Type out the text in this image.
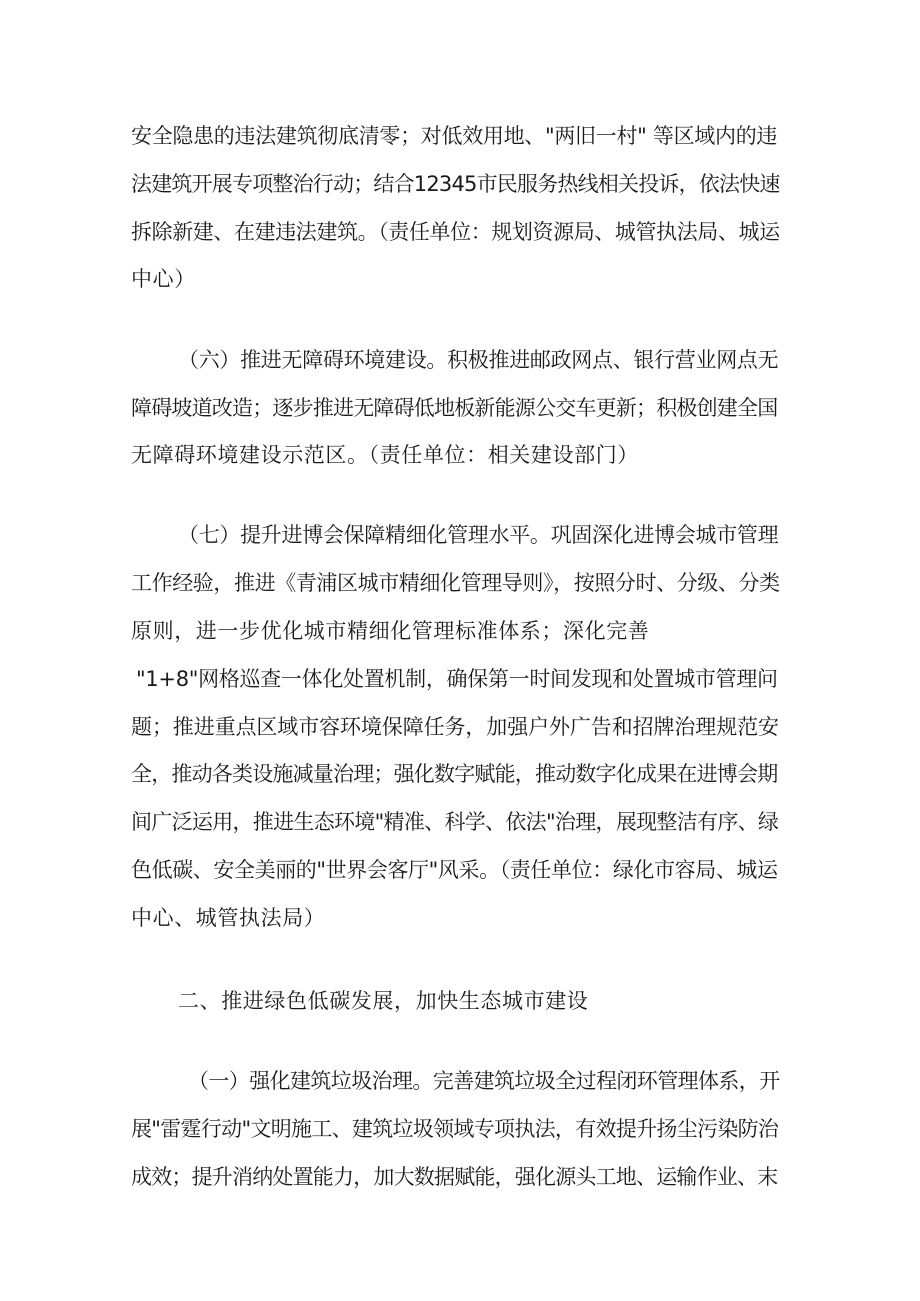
安全隐患的违法建筑彻底清零；对低效用地、"两旧一村" 等区域内的违
法建筑开展专项整治行动；结合12345市民服务热线相关投诉，依法快速
拆除新建、在建违法建筑。（责任单位：规划资源局、城管执法局、城运
中心）
（六）推进无障碍环境建设。积极推进邮政网点、银行营业网点无
障碍坡道改造；逐步推进无障碍低地板新能源公交车更新；积极创建全国
无障碍环境建设示范区。（责任单位：相关建设部门）
（七）提升进博会保障精细化管理水平。巩固深化进博会城市管理
工作经验，推进《青浦区城市精细化管理导则》，按照分时、分级、分类
原则，进一步优化城市精细化管理标准体系；深化完善
"1+8"网格巡查一体化处置机制，确保第一时间发现和处置城市管理问
题；推进重点区域市容环境保障任务，加强户外广告和招牌治理规范安
全，推动各类设施减量治理；强化数字赋能，推动数字化成果在进博会期
间广泛运用，推进生态环境"精准、科学、依法"治理，展现整洁有序、绿
色低碳、安全美丽的"世界会客厅"风采。（责任单位：绿化市容局、城运
中心、城管执法局）
二、推进绿色低碳发展，加快生态城市建设
（一）强化建筑垃圾治理。完善建筑垃圾全过程闭环管理体系，开
展"雷霆行动"文明施工、建筑垃圾领域专项执法，有效提升扬尘污染防治
成效；提升消纳处置能力，加大数据赋能，强化源头工地、运输作业、末
